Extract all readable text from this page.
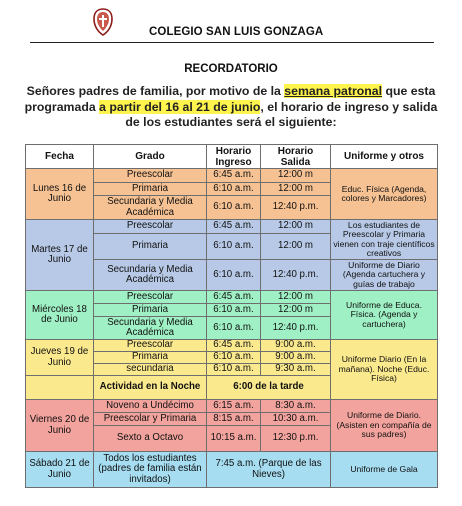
COLEGIO SAN LUIS GONZAGA
RECORDATORIO
Señores padres de familia, por motivo de la semana patronal que esta programada a partir del 16 al 21 de junio, el horario de ingreso y salida de los estudiantes será el siguiente:
Fecha	Grado	Horario Ingreso	Horario Salida	Uniforme y otros
Lunes 16 de Junio	Preescolar	6:45 a.m.	12:00 m	Educ. Física (Agenda, colores y Marcadores)
	Primaria	6:10 a.m.	12:00 m	
	Secundaria y Media Académica	6:10 a.m.	12:40 p.m.	
Martes 17 de Junio	Preescolar	6:45 a.m.	12:00 m	Los estudiantes de Preescolar y Primaria vienen con traje científicos creativos
	Primaria	6:10 a.m.	12:00 m	
	Secundaria y Media Académica	6:10 a.m.	12:40 p.m.	Uniforme de Diario (Agenda cartuchera y guías de trabajo
Miércoles 18 de Junio	Preescolar	6:45 a.m.	12:00 m	Uniforme de Educa. Física. (Agenda y cartuchera)
	Primaria	6:10 a.m.	12:00 m	
	Secundaria y Media Académica	6:10 a.m.	12:40 p.m.	
Jueves 19 de Junio	Preescolar	6:45 a.m.	9:00 a.m.	Uniforme Diario (En la mañana). Noche (Educ. Física)
	Primaria	6:10 a.m.	9:00 a.m.	
	secundaria	6:10 a.m.	9:30 a.m.	
	Actividad en la Noche	6:00 de la tarde		
Viernes 20 de Junio	Noveno a Undécimo	6:15 a.m.	8:30 a.m.	Uniforme de Diario. (Asisten en compañía de sus padres)
	Preescolar y Primaria	8:15 a.m.	10:30 a.m.	
	Sexto a Octavo	10:15 a.m.	12:30 p.m.	
Sábado 21 de Junio	Todos los estudiantes (padres de familia están invitados)	7:45 a.m. (Parque de las Nieves)		Uniforme de Gala
